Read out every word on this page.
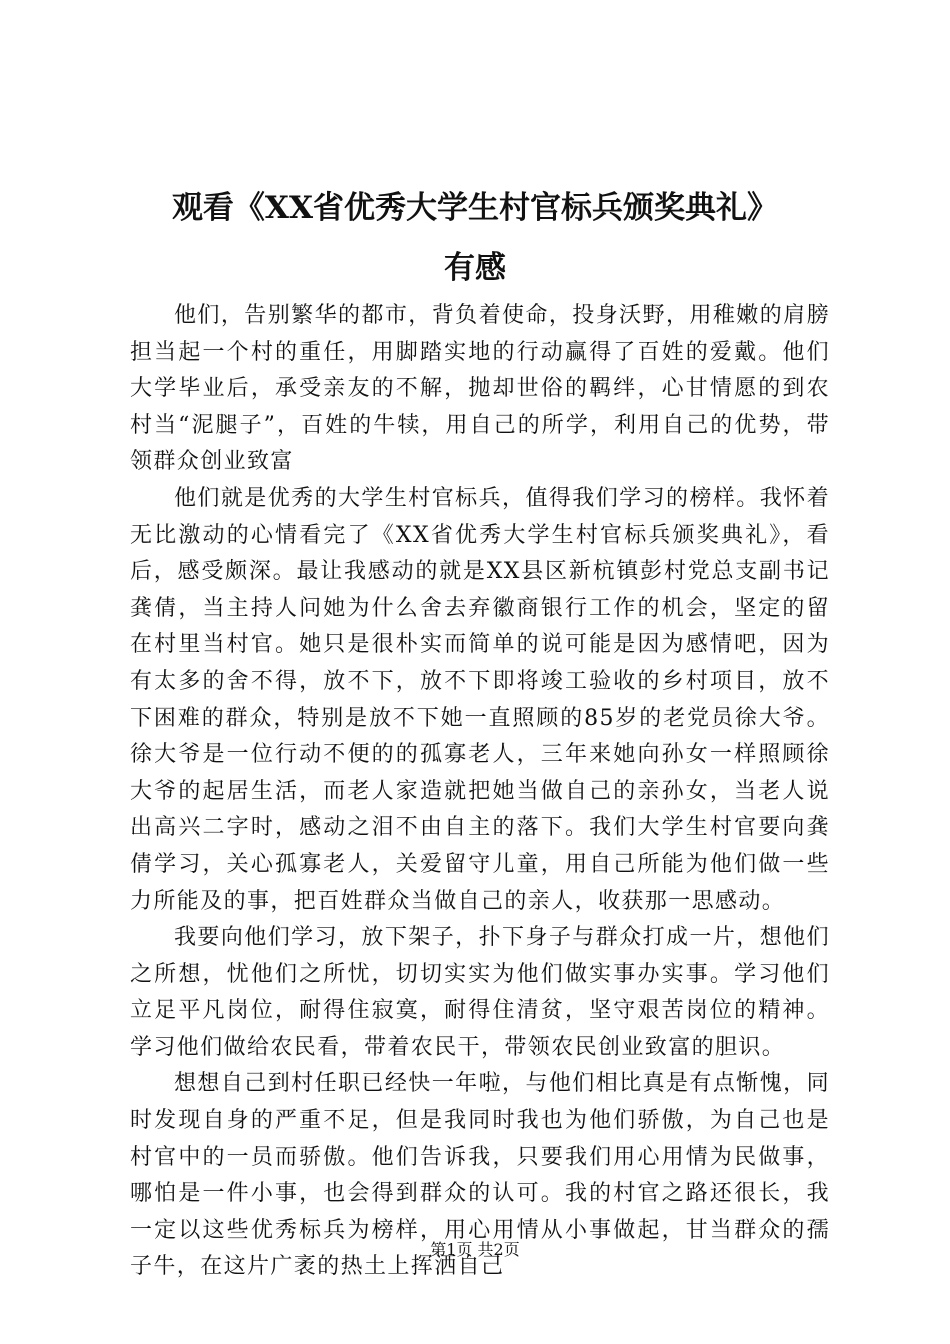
观看《XX省优秀大学生村官标兵颁奖典礼》
有感

他们，告别繁华的都市，背负着使命，投身沃野，用稚嫩的肩膀担当起一个村的重任，用脚踏实地的行动赢得了百姓的爱戴。他们大学毕业后，承受亲友的不解，抛却世俗的羁绊，心甘情愿的到农村当“泥腿子”，百姓的牛犊，用自己的所学，利用自己的优势，带领群众创业致富

他们就是优秀的大学生村官标兵，值得我们学习的榜样。我怀着无比激动的心情看完了《XX省优秀大学生村官标兵颁奖典礼》，看后，感受颇深。最让我感动的就是XX县区新杭镇彭村党总支副书记龚倩，当主持人问她为什么舍去弃徽商银行工作的机会，坚定的留在村里当村官。她只是很朴实而简单的说可能是因为感情吧，因为有太多的舍不得，放不下，放不下即将竣工验收的乡村项目，放不下困难的群众，特别是放不下她一直照顾的85岁的老党员徐大爷。徐大爷是一位行动不便的的孤寡老人，三年来她向孙女一样照顾徐大爷的起居生活，而老人家造就把她当做自己的亲孙女，当老人说出高兴二字时，感动之泪不由自主的落下。我们大学生村官要向龚倩学习，关心孤寡老人，关爱留守儿童，用自己所能为他们做一些力所能及的事，把百姓群众当做自己的亲人，收获那一思感动。

我要向他们学习，放下架子，扑下身子与群众打成一片，想他们之所想，忧他们之所忧，切切实实为他们做实事办实事。学习他们立足平凡岗位，耐得住寂寞，耐得住清贫，坚守艰苦岗位的精神。学习他们做给农民看，带着农民干，带领农民创业致富的胆识。

想想自己到村任职已经快一年啦，与他们相比真是有点惭愧，同时发现自身的严重不足，但是我同时我也为他们骄傲，为自己也是村官中的一员而骄傲。他们告诉我，只要我们用心用情为民做事，哪怕是一件小事，也会得到群众的认可。我的村官之路还很长，我一定以这些优秀标兵为榜样，用心用情从小事做起，甘当群众的孺子牛，在这片广袤的热土上挥洒自己

第1页 共2页
